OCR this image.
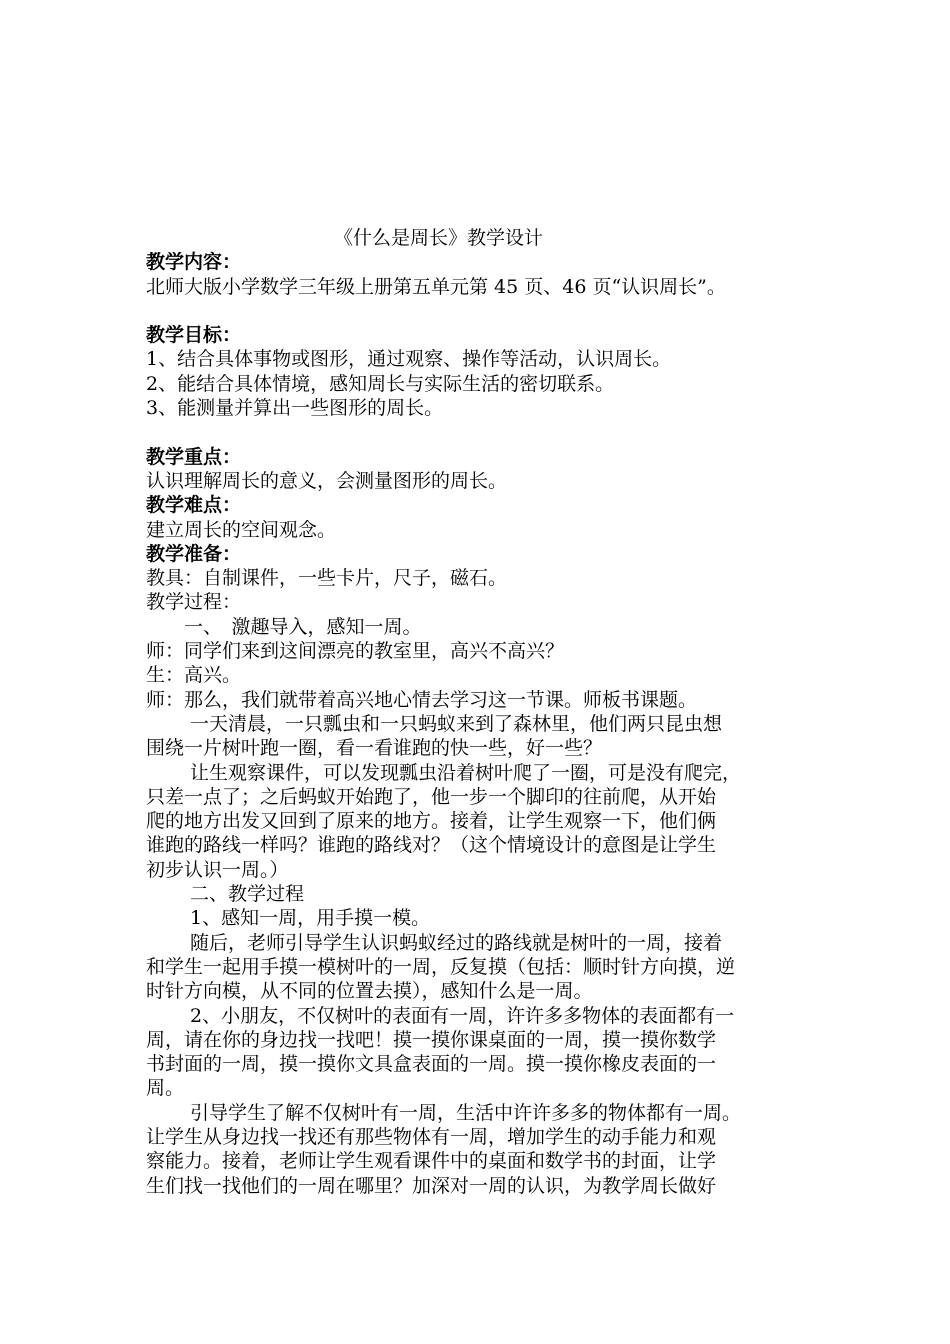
《什么是周长》教学设计
教学内容：
北师大版小学数学三年级上册第五单元第 45 页、46 页“认识周长”。
教学目标：
1、结合具体事物或图形，通过观察、操作等活动，认识周长。
2、能结合具体情境，感知周长与实际生活的密切联系。
3、能测量并算出一些图形的周长。
教学重点：
认识理解周长的意义，会测量图形的周长。
教学难点：
建立周长的空间观念。
教学准备：
教具：自制课件，一些卡片，尺子，磁石。
教学过程：
一、　激趣导入，感知一周。
师：同学们来到这间漂亮的教室里，高兴不高兴？
生：高兴。
师：那么，我们就带着高兴地心情去学习这一节课。师板书课题。
一天清晨，一只瓢虫和一只蚂蚁来到了森林里，他们两只昆虫想
围绕一片树叶跑一圈，看一看谁跑的快一些，好一些？
让生观察课件，可以发现瓢虫沿着树叶爬了一圈，可是没有爬完，
只差一点了；之后蚂蚁开始跑了，他一步一个脚印的往前爬，从开始
爬的地方出发又回到了原来的地方。接着，让学生观察一下，他们俩
谁跑的路线一样吗？谁跑的路线对？（这个情境设计的意图是让学生
初步认识一周。）
二、教学过程
1、感知一周，用手摸一模。
随后，老师引导学生认识蚂蚁经过的路线就是树叶的一周，接着
和学生一起用手摸一模树叶的一周，反复摸（包括：顺时针方向摸，逆
时针方向模，从不同的位置去摸），感知什么是一周。
2、小朋友，不仅树叶的表面有一周，许许多多物体的表面都有一
周，请在你的身边找一找吧！摸一摸你课桌面的一周，摸一摸你数学
书封面的一周，摸一摸你文具盒表面的一周。摸一摸你橡皮表面的一
周。
引导学生了解不仅树叶有一周，生活中许许多多的物体都有一周。
让学生从身边找一找还有那些物体有一周，增加学生的动手能力和观
察能力。接着，老师让学生观看课件中的桌面和数学书的封面，让学
生们找一找他们的一周在哪里？加深对一周的认识，为教学周长做好
